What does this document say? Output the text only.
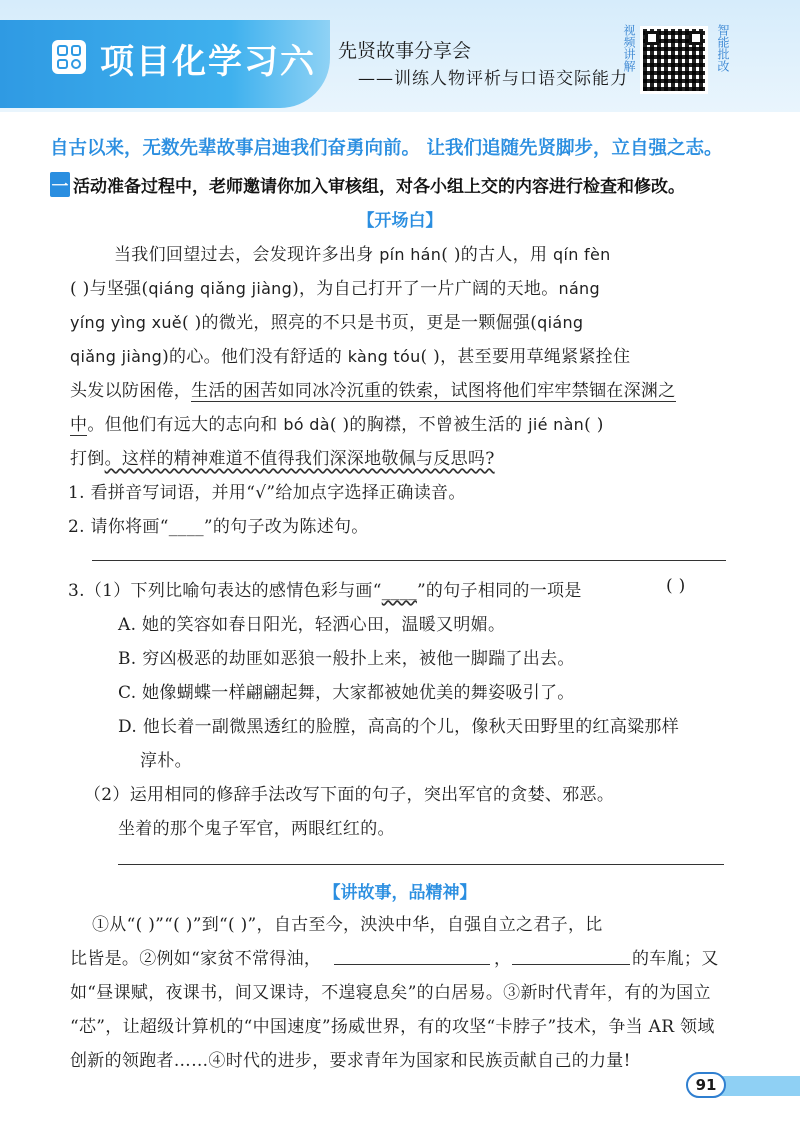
项目化学习六 先贤故事分享会
——训练人物评析与口语交际能力
视频讲解	智能批改
自古以来，无数先辈故事启迪我们奋勇向前。 让我们追随先贤脚步，立自强之志。
一 活动准备过程中，老师邀请你加入审核组，对各小组上交的内容进行检查和修改。
【开场白】
当我们回望过去，会发现许多出身 pín hán( )的古人，用 qín fèn
( )与坚强(qiáng qiǎng jiàng)，为自己打开了一片广阔的天地。náng
yíng yìng xuě( )的微光，照亮的不只是书页，更是一颗倔强(qiáng
qiǎng jiàng)的心。他们没有舒适的 kàng tóu( )，甚至要用草绳紧紧拴住
头发以防困倦，生活的困苦如同冰冷沉重的铁索，试图将他们牢牢禁锢在深渊之
中。但他们有远大的志向和 bó dà( )的胸襟，不曾被生活的 jié nàn( )
打倒。这样的精神难道不值得我们深深地敬佩与反思吗?
1. 看拼音写词语，并用“√”给加点字选择正确读音。
2. 请你将画“____”的句子改为陈述句。
3.（1）下列比喻句表达的感情色彩与画“____”的句子相同的一项是	( )
A. 她的笑容如春日阳光，轻洒心田，温暖又明媚。
B. 穷凶极恶的劫匪如恶狼一般扑上来，被他一脚踹了出去。
C. 她像蝴蝶一样翩翩起舞，大家都被她优美的舞姿吸引了。
D. 他长着一副微黑透红的脸膛，高高的个儿，像秋天田野里的红高粱那样
淳朴。
（2）运用相同的修辞手法改写下面的句子，突出军官的贪婪、邪恶。
坐着的那个鬼子军官，两眼红红的。
【讲故事，品精神】
①从“( )”“( )”到“( )”，自古至今，泱泱中华，自强自立之君子，比
比皆是。②例如“家贫不常得油，	，	的车胤；又
如“昼课赋，夜课书，间又课诗，不遑寝息矣”的白居易。③新时代青年，有的为国立
“芯”，让超级计算机的“中国速度”扬威世界，有的攻坚“卡脖子”技术，争当 AR 领域
创新的领跑者……④时代的进步，要求青年为国家和民族贡献自己的力量!
91
